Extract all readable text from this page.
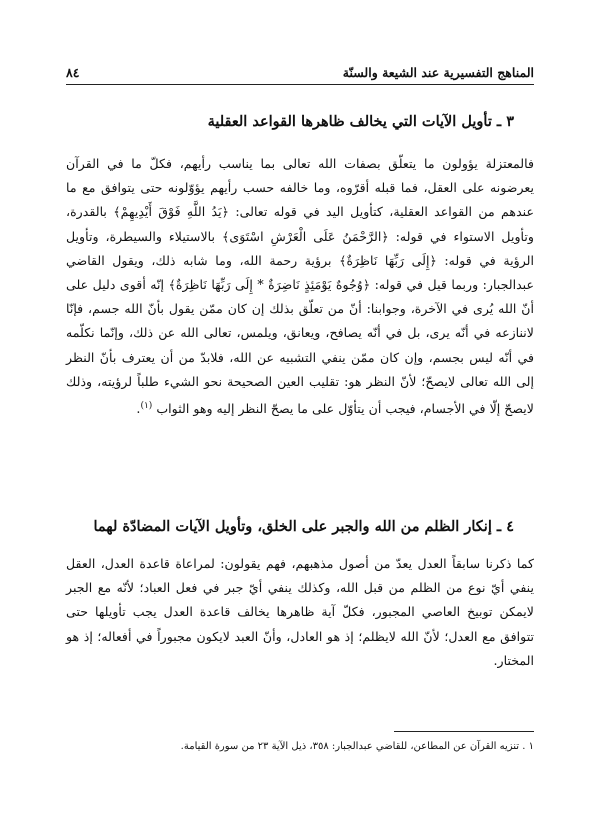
المناهج التفسيرية عند الشيعة والسنّة
٨٤
٣ ـ تأويل الآيات التي يخالف ظاهرها القواعد العقلية

فالمعتزلة يؤولون ما يتعلّق بصفات الله تعالى بما يناسب رأيهم، فكلّ ما في القرآن يعرضونه على العقل، فما قبله أقرّوه، وما خالفه حسب رأيهم يؤوّلونه حتى يتوافق مع ما عندهم من القواعد العقلية، كتأويل اليد في قوله تعالى: ﴿يَدُ اللَّهِ فَوْقَ أَيْدِيهِمْ﴾ بالقدرة، وتأويل الاستواء في قوله: ﴿الرَّحْمَنُ عَلَى الْعَرْشِ اسْتَوَى﴾ بالاستيلاء والسيطرة، وتأويل الرؤية في قوله: ﴿إِلَى رَبِّهَا نَاظِرَةٌ﴾ برؤية رحمة الله، وما شابه ذلك، ويقول القاضي عبدالجبار: وربما قيل في قوله: ﴿وُجُوهٌ يَوْمَئِذٍ نَاضِرَةٌ * إِلَى رَبِّهَا نَاظِرَةٌ﴾ إنّه أقوى دليل على أنّ الله يُرى في الآخرة، وجوابنا: أنّ من تعلّق بذلك إن كان ممّن يقول بأنّ الله جسم، فإنّا لاننازعه في أنّه يرى، بل في أنّه يصافح، ويعانق، ويلمس، تعالى الله عن ذلك، وإنّما نكلّمه في أنّه ليس بجسم، وإن كان ممّن ينفي التشبيه عن الله، فلابدّ من أن يعترف بأنّ النظر إلى الله تعالى لايصحّ؛ لأنّ النظر هو: تقليب العين الصحيحة نحو الشيء طلباً لرؤيته، وذلك لايصحّ إلّا في الأجسام، فيجب أن يتأوّل على ما يصحّ النظر إليه وهو الثواب $^{(١)}$.

٤ ـ إنكار الظلم من الله والجبر على الخلق، وتأويل الآيات المضادّة لهما

كما ذكرنا سابقاً العدل يعدّ من أصول مذهبهم، فهم يقولون: لمراعاة قاعدة العدل، العقل ينفي أيّ نوع من الظلم من قبل الله، وكذلك ينفي أيّ جبر في فعل العباد؛ لأنّه مع الجبر لايمكن توبيخ العاصي المجبور، فكلّ آية ظاهرها يخالف قاعدة العدل يجب تأويلها حتى تتوافق مع العدل؛ لأنّ الله لايظلم؛ إذ هو العادل، وأنّ العبد لايكون مجبوراً في أفعاله؛ إذ هو المختار.

١ . تنزيه القرآن عن المطاعن، للقاضي عبدالجبار: ٣٥٨، ذيل الآية ٢٣ من سورة القيامة.
